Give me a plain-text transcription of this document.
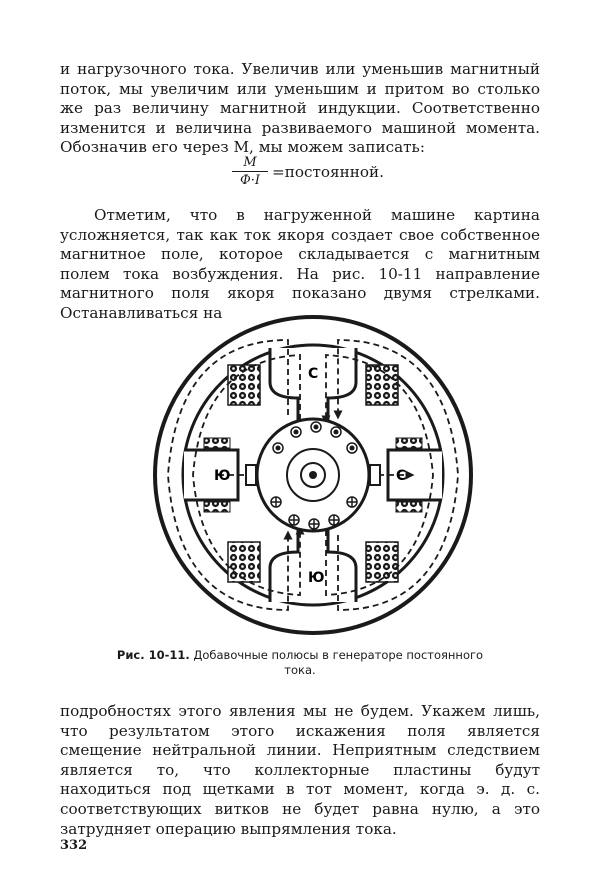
и нагрузочного тока. Увеличив или уменьшив магнитный поток, мы увеличим или уменьшим и притом во столько же раз величину магнитной индукции. Соответственно изменится и величина развиваемого машиной момента. Обозначив его через M, мы можем записать:

M
Ф·I =постоянной.

Отметим, что в нагруженной машине картина усложняется, так как ток якоря создает свое собственное магнитное поле, которое складывается с магнитным полем тока возбуждения. На рис. 10-11 направление магнитного поля якоря показано двумя стрелками. Останавливаться на

С
Ю
Ю	С

Рис. 10-11. Добавочные полюсы в генераторе постоянного тока.

подробностях этого явления мы не будем. Укажем лишь, что результатом этого искажения поля является смещение нейтральной линии. Неприятным следствием является то, что коллекторные пластины будут находиться под щетками в тот момент, когда э. д. с. соответствующих витков не будет равна нулю, а это затрудняет операцию выпрямления тока.

332
